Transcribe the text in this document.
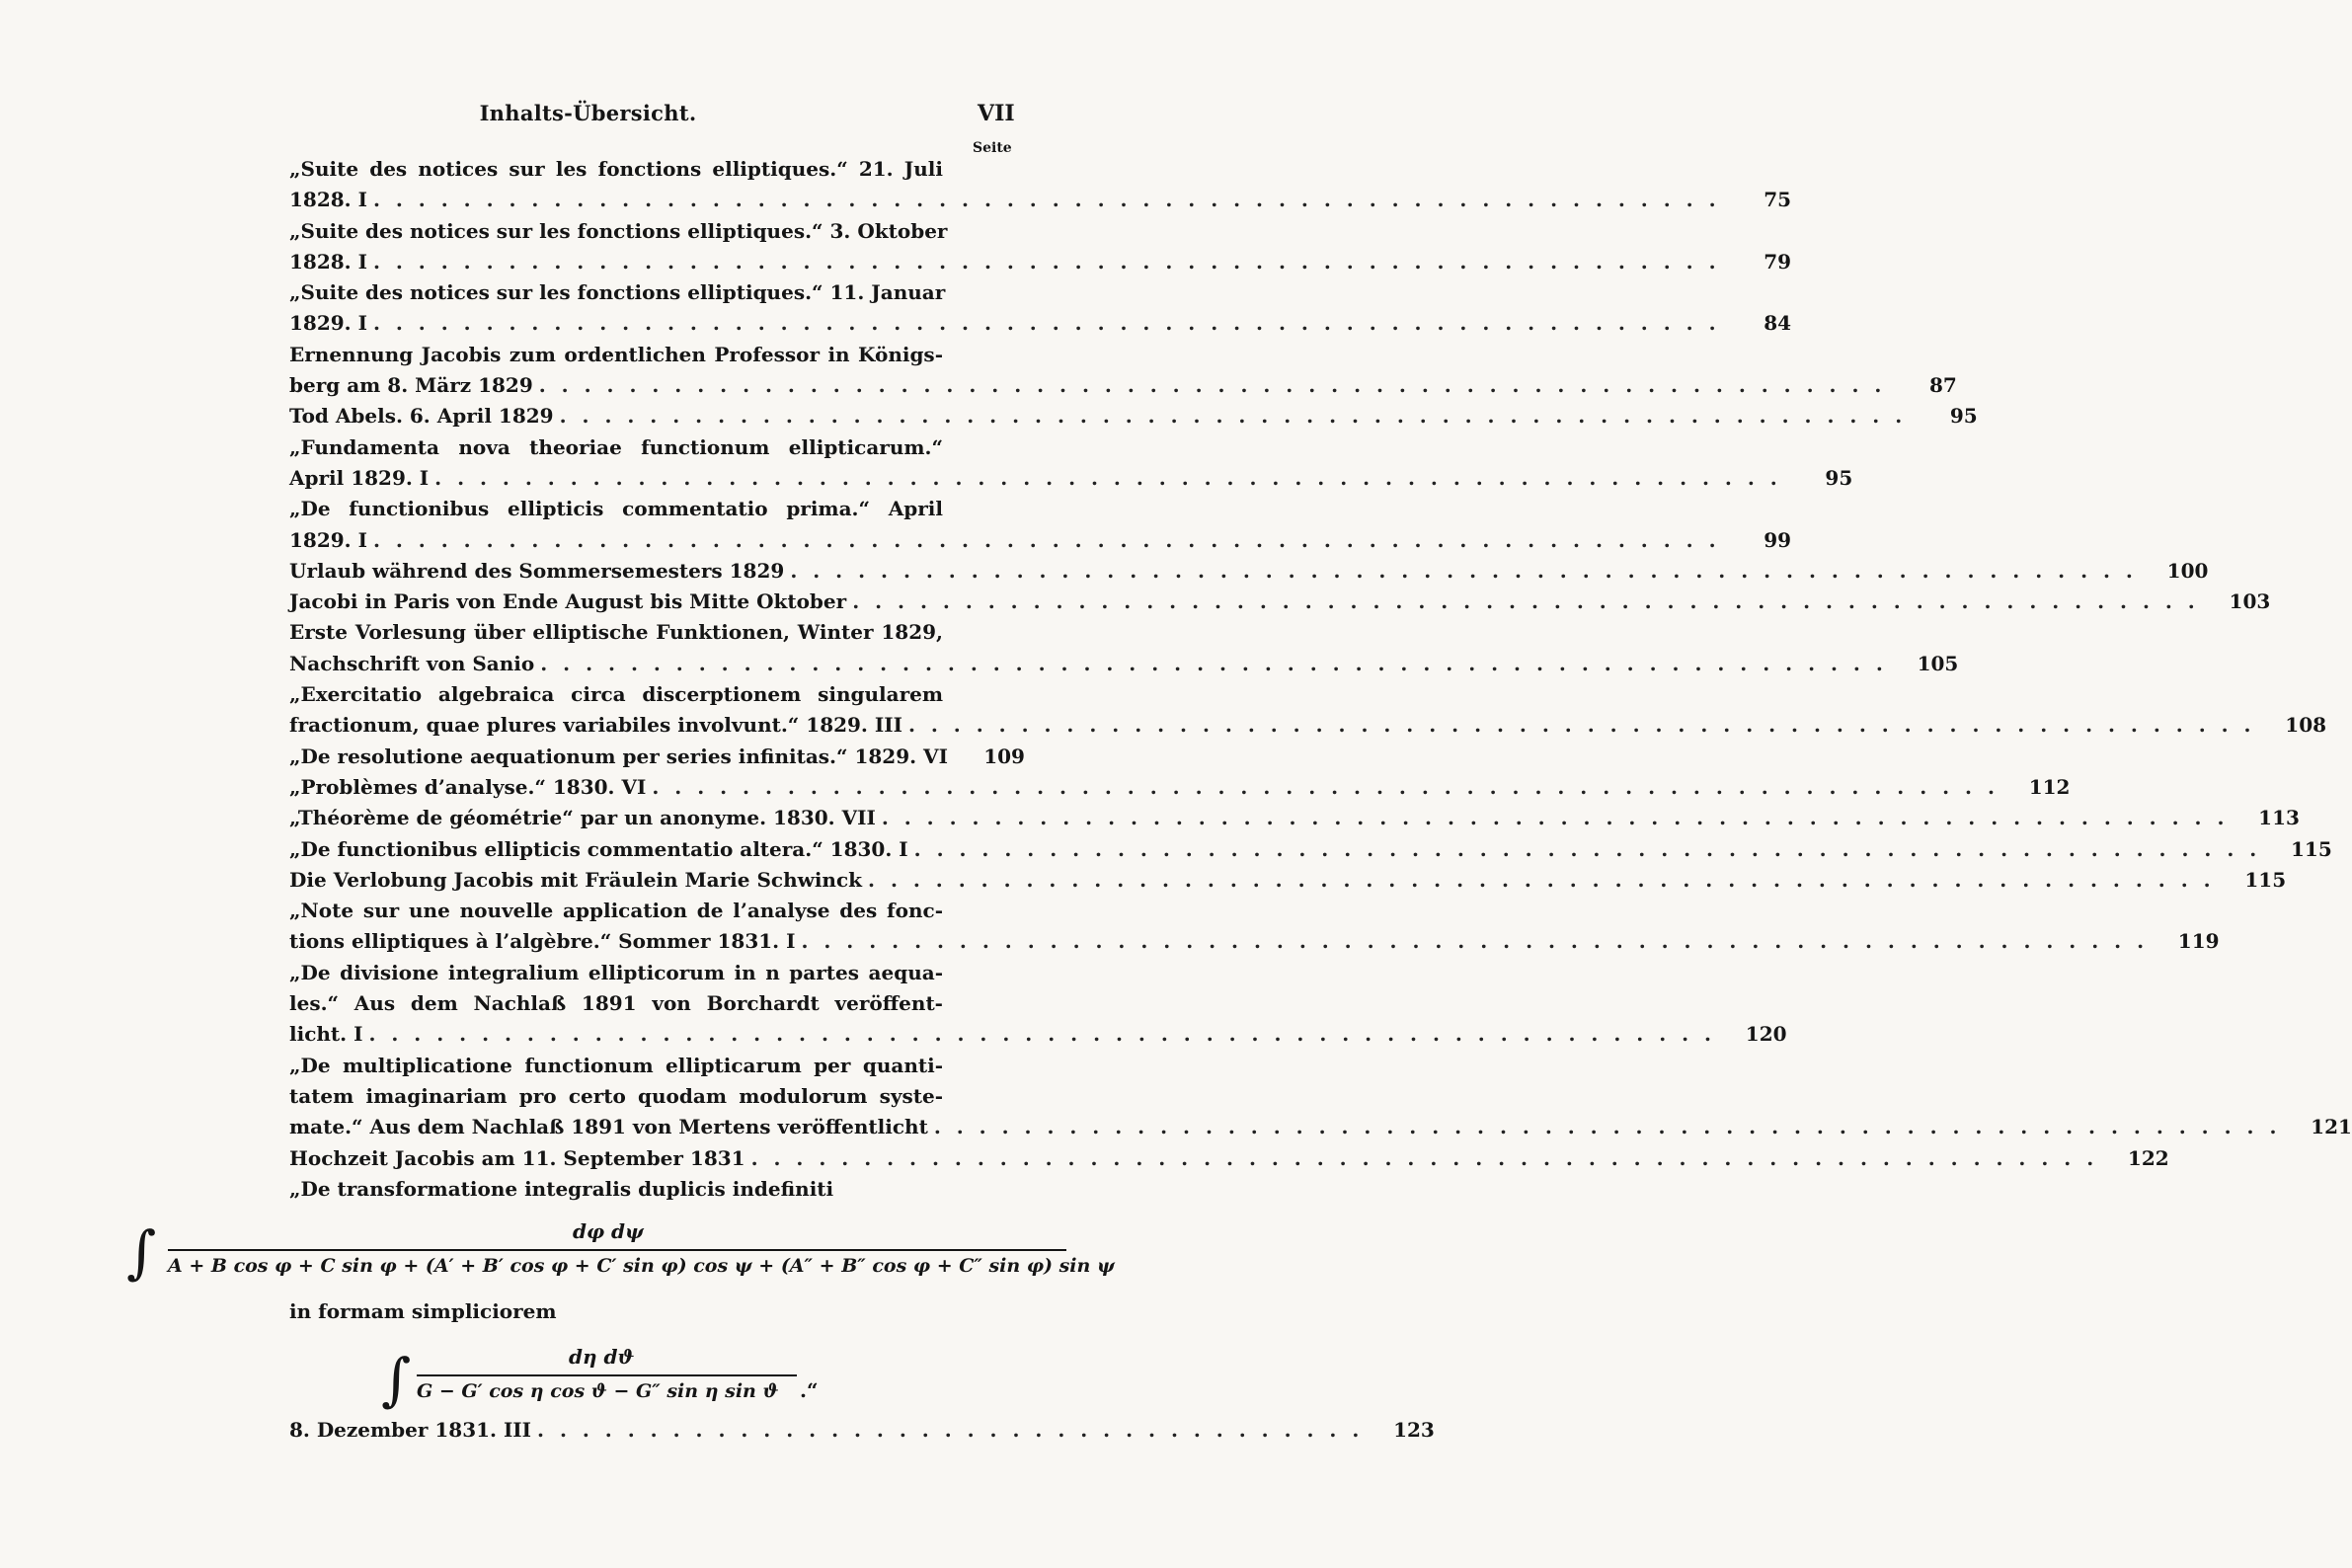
Inhalts-Übersicht.	VII
Seite
„Suite des notices sur les fonctions elliptiques.“ 21. Juli
1828. I . . . . . . . . . . . . . . . . . . . . . . . . . . . . . . . . . . . . . . . . . . . . . . . . . . . . . . . . . . . .	75
„Suite des notices sur les fonctions elliptiques.“ 3. Oktober
1828. I . . . . . . . . . . . . . . . . . . . . . . . . . . . . . . . . . . . . . . . . . . . . . . . . . . . . . . . . . . . .	79
„Suite des notices sur les fonctions elliptiques.“ 11. Januar
1829. I . . . . . . . . . . . . . . . . . . . . . . . . . . . . . . . . . . . . . . . . . . . . . . . . . . . . . . . . . . . .	84
Ernennung Jacobis zum ordentlichen Professor in Königs-
berg am 8. März 1829 . . . . . . . . . . . . . . . . . . . . . . . . . . . . . . . . . . . . . . . . . . . . . . . . . . . . . . . . . . . .	87
Tod Abels. 6. April 1829 . . . . . . . . . . . . . . . . . . . . . . . . . . . . . . . . . . . . . . . . . . . . . . . . . . . . . . . . . . . .	95
„Fundamenta nova theoriae functionum ellipticarum.“
April 1829. I . . . . . . . . . . . . . . . . . . . . . . . . . . . . . . . . . . . . . . . . . . . . . . . . . . . . . . . . . . . .	95
„De functionibus ellipticis commentatio prima.“ April
1829. I . . . . . . . . . . . . . . . . . . . . . . . . . . . . . . . . . . . . . . . . . . . . . . . . . . . . . . . . . . . .	99
Urlaub während des Sommersemesters 1829 . . . . . . . . . . . . . . . . . . . . . . . . . . . . . . . . . . . . . . . . . . . . . . . . . . . . . . . . . . . .	100
Jacobi in Paris von Ende August bis Mitte Oktober . . . . . . . . . . . . . . . . . . . . . . . . . . . . . . . . . . . . . . . . . . . . . . . . . . . . . . . . . . . .	103
Erste Vorlesung über elliptische Funktionen, Winter 1829,
Nachschrift von Sanio . . . . . . . . . . . . . . . . . . . . . . . . . . . . . . . . . . . . . . . . . . . . . . . . . . . . . . . . . . . .	105
„Exercitatio algebraica circa discerptionem singularem
fractionum, quae plures variabiles involvunt.“ 1829. III . . . . . . . . . . . . . . . . . . . . . . . . . . . . . . . . . . . . . . . . . . . . . . . . . . . . . . . . . . . .	108
„De resolutione aequationum per series infinitas.“ 1829. VI	109
„Problèmes d’analyse.“ 1830. VI . . . . . . . . . . . . . . . . . . . . . . . . . . . . . . . . . . . . . . . . . . . . . . . . . . . . . . . . . . . .	112
„Théorème de géométrie“ par un anonyme. 1830. VII . . . . . . . . . . . . . . . . . . . . . . . . . . . . . . . . . . . . . . . . . . . . . . . . . . . . . . . . . . . .	113
„De functionibus ellipticis commentatio altera.“ 1830. I . . . . . . . . . . . . . . . . . . . . . . . . . . . . . . . . . . . . . . . . . . . . . . . . . . . . . . . . . . . .	115
Die Verlobung Jacobis mit Fräulein Marie Schwinck . . . . . . . . . . . . . . . . . . . . . . . . . . . . . . . . . . . . . . . . . . . . . . . . . . . . . . . . . . . .	115
„Note sur une nouvelle application de l’analyse des fonc-
tions elliptiques à l’algèbre.“ Sommer 1831. I . . . . . . . . . . . . . . . . . . . . . . . . . . . . . . . . . . . . . . . . . . . . . . . . . . . . . . . . . . . .	119
„De divisione integralium ellipticorum in n partes aequa-
les.“ Aus dem Nachlaß 1891 von Borchardt veröffent-
licht. I . . . . . . . . . . . . . . . . . . . . . . . . . . . . . . . . . . . . . . . . . . . . . . . . . . . . . . . . . . . .	120
„De multiplicatione functionum ellipticarum per quanti-
tatem imaginariam pro certo quodam modulorum syste-
mate.“ Aus dem Nachlaß 1891 von Mertens veröffentlicht . . . . . . . . . . . . . . . . . . . . . . . . . . . . . . . . . . . . . . . . . . . . . . . . . . . . . . . . . . . .	121
Hochzeit Jacobis am 11. September 1831 . . . . . . . . . . . . . . . . . . . . . . . . . . . . . . . . . . . . . . . . . . . . . . . . . . . . . . . . . . . .	122
„De transformatione integralis duplicis indefiniti
∫	dφ dψ
A + B cos φ + C sin φ + (A′ + B′ cos φ + C′ sin φ) cos ψ + (A″ + B″ cos φ + C″ sin φ) sin ψ
in formam simpliciorem
∫	dη dϑ
G − G′ cos η cos ϑ − G″ sin η sin ϑ .“
8. Dezember 1831. III . . . . . . . . . . . . . . . . . . . . . . . . . . . . . . . . . . . . .	123
